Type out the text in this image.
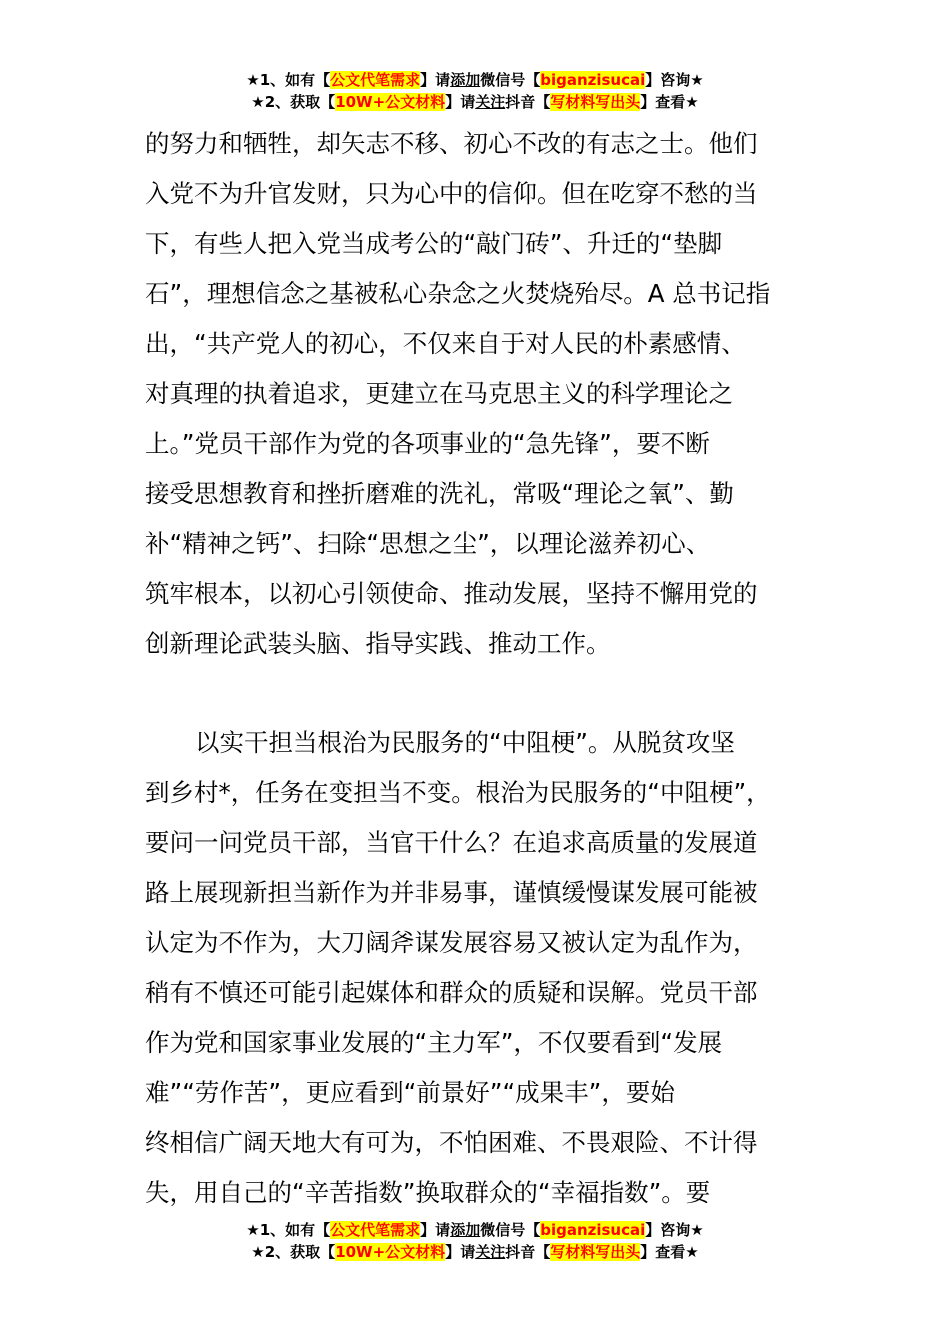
★1、如有【公文代笔需求】请添加微信号【biganzisucai】咨询★
★2、获取【10W+公文材料】请关注抖音【写材料写出头】查看★
的努力和牺牲，却矢志不移、初心不改的有志之士。他们
入党不为升官发财，只为心中的信仰。但在吃穿不愁的当
下，有些人把入党当成考公的“敲门砖”、升迁的“垫脚
石”，理想信念之基被私心杂念之火焚烧殆尽。A 总书记指
出，“共产党人的初心，不仅来自于对人民的朴素感情、
对真理的执着追求，更建立在马克思主义的科学理论之
上。”党员干部作为党的各项事业的“急先锋”，要不断
接受思想教育和挫折磨难的洗礼，常吸“理论之氧”、勤
补“精神之钙”、扫除“思想之尘”，以理论滋养初心、
筑牢根本，以初心引领使命、推动发展，坚持不懈用党的
创新理论武装头脑、指导实践、推动工作。
以实干担当根治为民服务的“中阻梗”。从脱贫攻坚
到乡村*，任务在变担当不变。根治为民服务的“中阻梗”，
要问一问党员干部，当官干什么？在追求高质量的发展道
路上展现新担当新作为并非易事，谨慎缓慢谋发展可能被
认定为不作为，大刀阔斧谋发展容易又被认定为乱作为，
稍有不慎还可能引起媒体和群众的质疑和误解。党员干部
作为党和国家事业发展的“主力军”，不仅要看到“发展
难”“劳作苦”，更应看到“前景好”“成果丰”，要始
终相信广阔天地大有可为，不怕困难、不畏艰险、不计得
失，用自己的“辛苦指数”换取群众的“幸福指数”。要
★1、如有【公文代笔需求】请添加微信号【biganzisucai】咨询★
★2、获取【10W+公文材料】请关注抖音【写材料写出头】查看★
